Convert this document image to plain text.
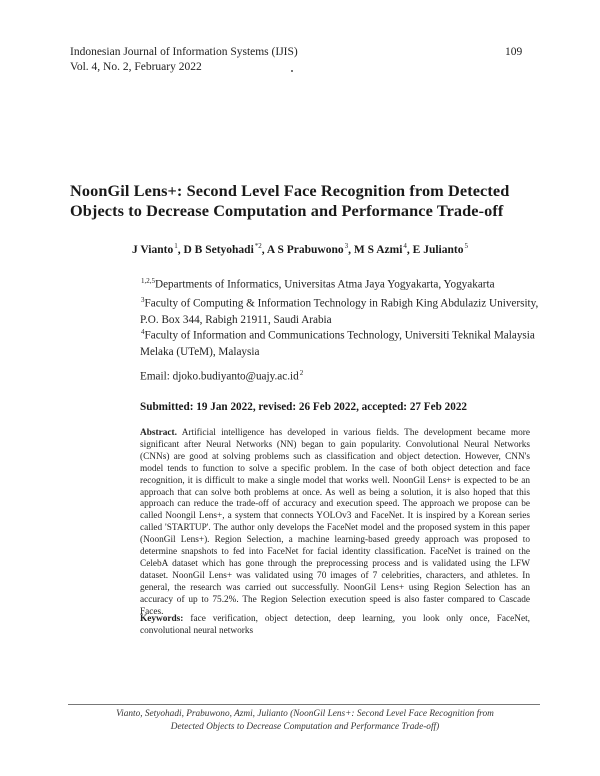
Indonesian Journal of Information Systems (IJIS)
Vol. 4, No. 2, February 2022
109
NoonGil Lens+: Second Level Face Recognition from Detected Objects to Decrease Computation and Performance Trade-off
J Vianto$^1$, D B Setyohadi$^{*2}$, A S Prabuwono$^3$, M S Azmi$^4$, E Julianto$^5$
$^{1,2,5}$Departments of Informatics, Universitas Atma Jaya Yogyakarta, Yogyakarta
$^3$Faculty of Computing & Information Technology in Rabigh King Abdulaziz University, P.O. Box 344, Rabigh 21911, Saudi Arabia
$^4$Faculty of Information and Communications Technology, Universiti Teknikal Malaysia Melaka (UTeM), Malaysia
Email: $djoko.budiyanto@uajy.ac.id^2$
Submitted: 19 Jan 2022, revised: 26 Feb 2022, accepted: 27 Feb 2022
Abstract. Artificial intelligence has developed in various fields. The development became more significant after Neural Networks (NN) began to gain popularity. Convolutional Neural Networks (CNNs) are good at solving problems such as classification and object detection. However, CNN's model tends to function to solve a specific problem. In the case of both object detection and face recognition, it is difficult to make a single model that works well. NoonGil Lens+ is expected to be an approach that can solve both problems at once. As well as being a solution, it is also hoped that this approach can reduce the trade-off of accuracy and execution speed. The approach we propose can be called Noongil Lens+, a system that connects YOLOv3 and FaceNet. It is inspired by a Korean series called 'STARTUP'. The author only develops the FaceNet model and the proposed system in this paper (NoonGil Lens+). Region Selection, a machine learning-based greedy approach was proposed to determine snapshots to fed into FaceNet for facial identity classification. FaceNet is trained on the CelebA dataset which has gone through the preprocessing process and is validated using the LFW dataset. NoonGil Lens+ was validated using 70 images of 7 celebrities, characters, and athletes. In general, the research was carried out successfully. NoonGil Lens+ using Region Selection has an accuracy of up to 75.2%. The Region Selection execution speed is also faster compared to Cascade Faces.
Keywords: face verification, object detection, deep learning, you look only once, FaceNet, convolutional neural networks
Vianto, Setyohadi, Prabuwono, Azmi, Julianto (NoonGil Lens+: Second Level Face Recognition from
Detected Objects to Decrease Computation and Performance Trade-off)
